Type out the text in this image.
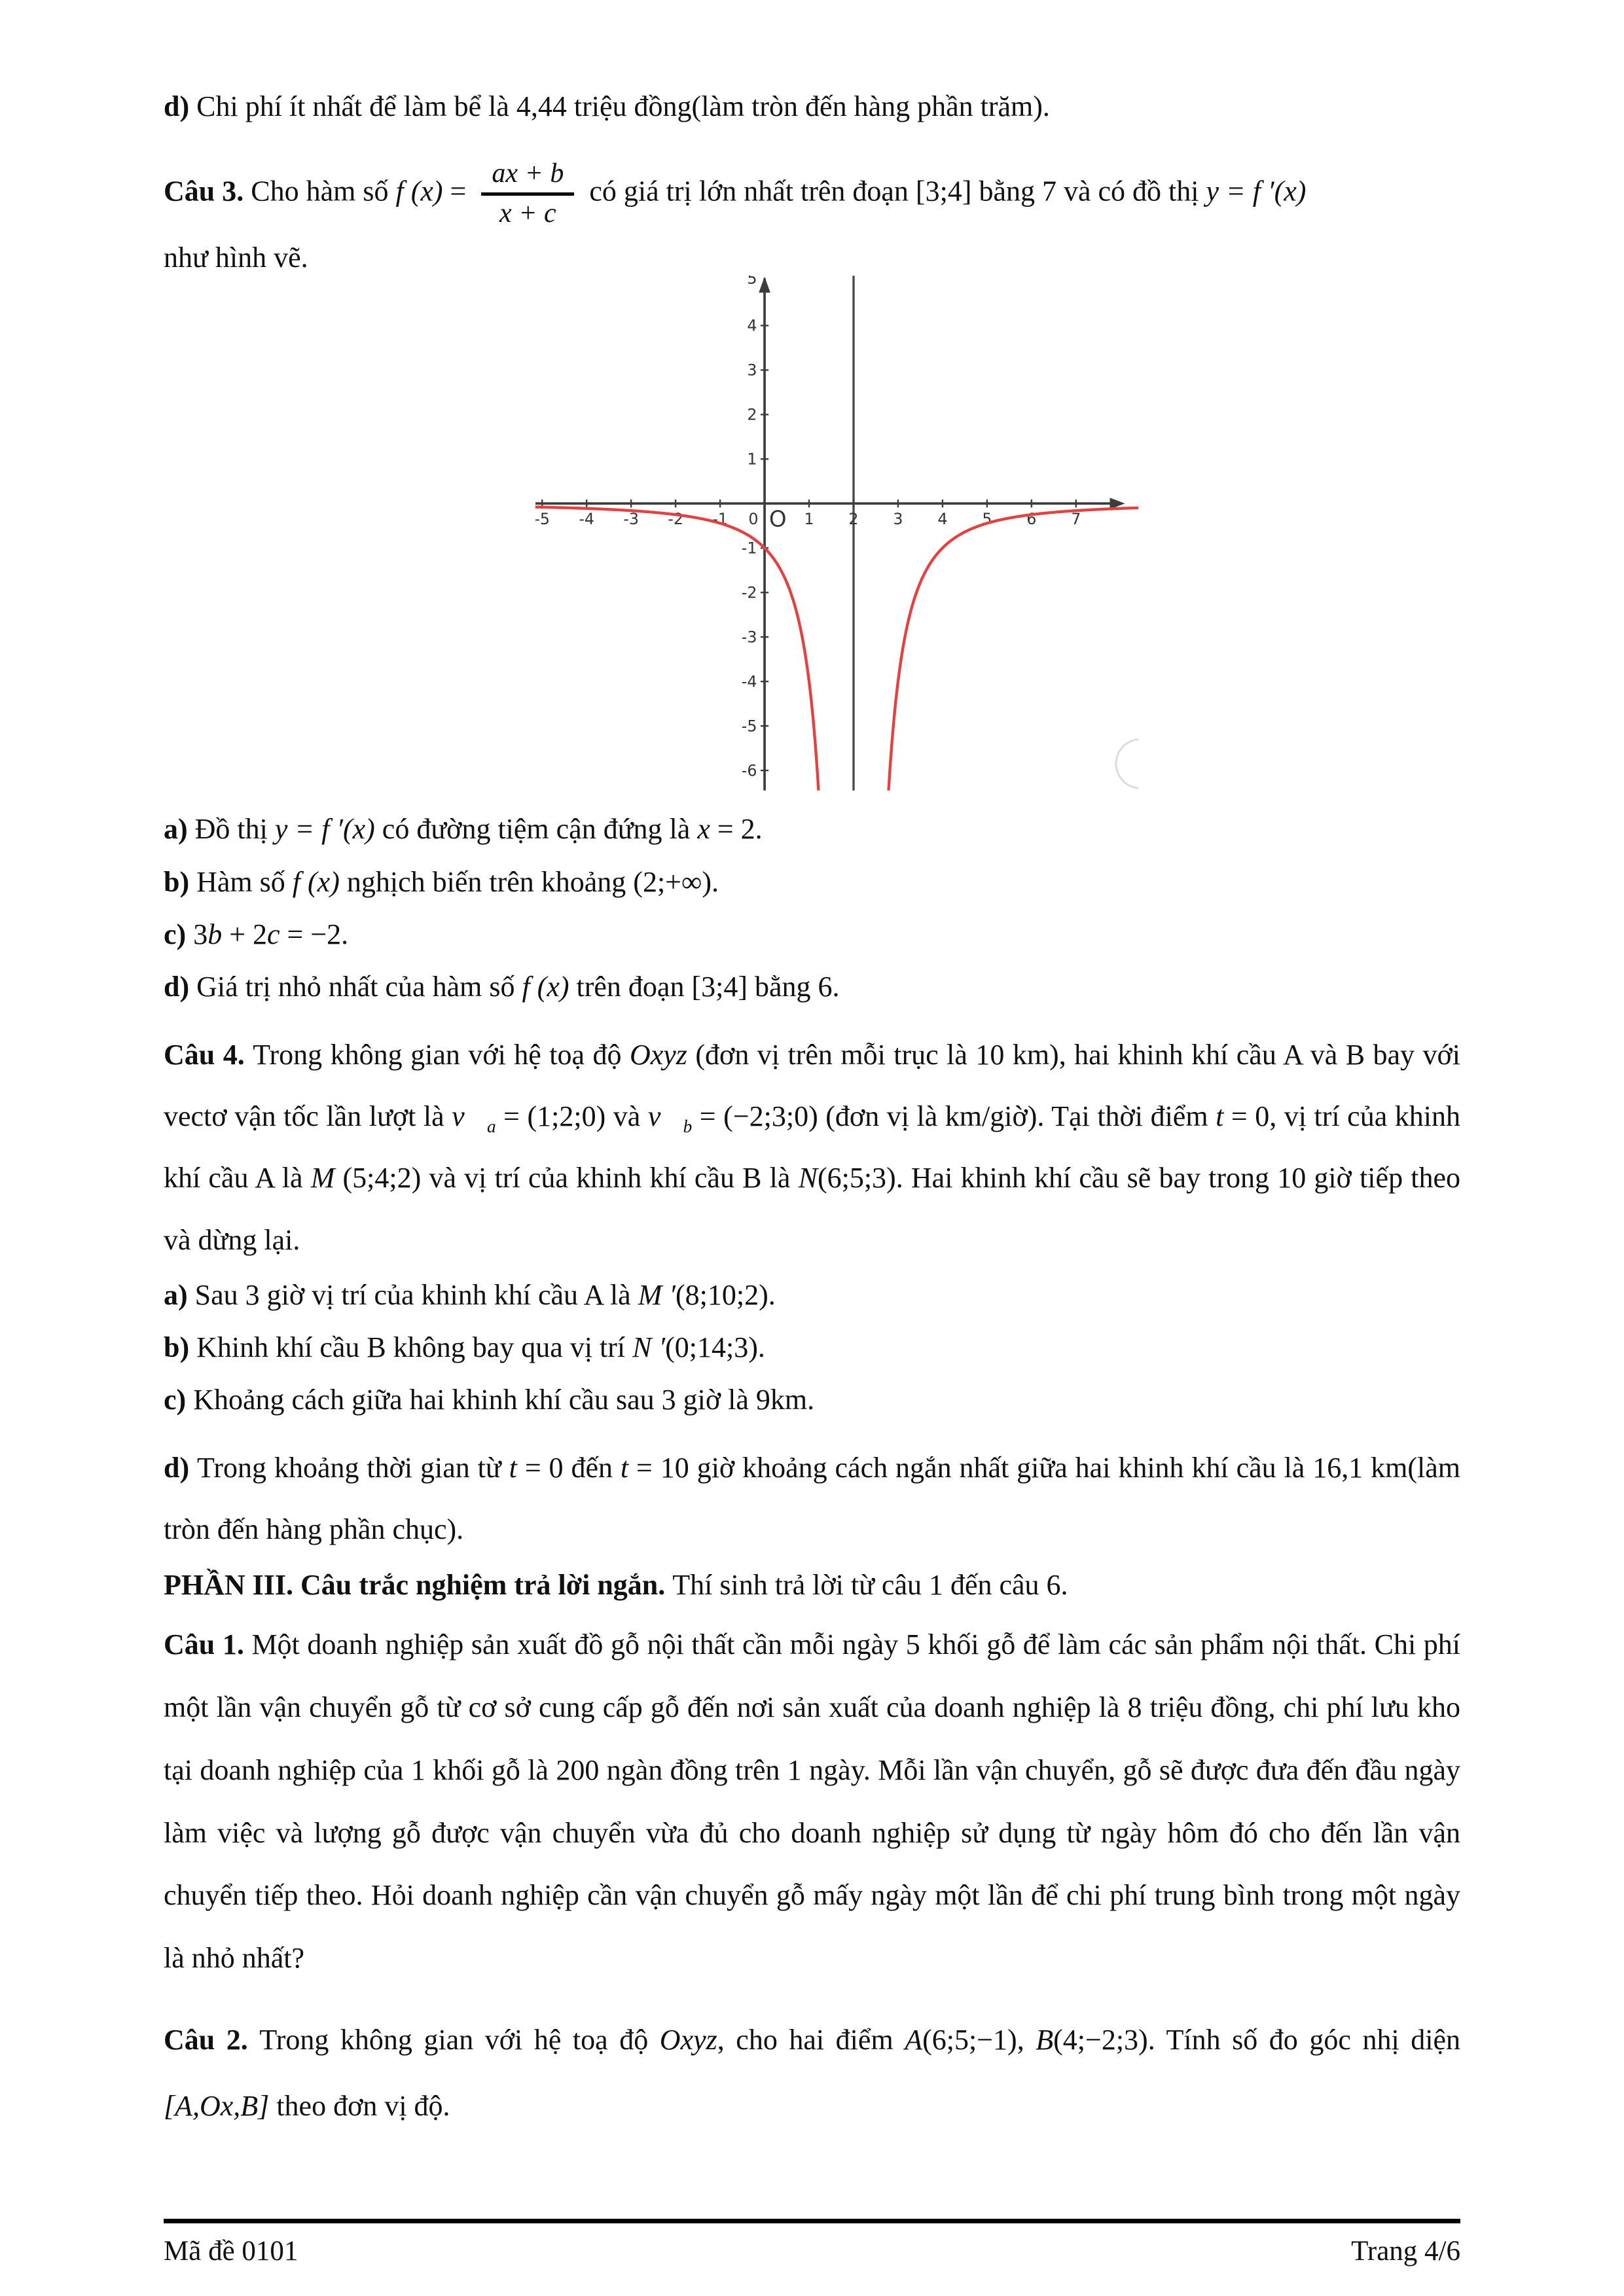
d) Chi phí ít nhất để làm bể là 4,44 triệu đồng(làm tròn đến hàng phần trăm).

Câu 3. Cho hàm số f $(x) = \frac{ax + b}{x + c}$ có giá trị lớn nhất trên đoạn [3;4] bằng 7 và có đồ thị y = f ′(x)

như hình vẽ.

a) Đồ thị y = f ′(x) có đường tiệm cận đứng là x = 2.

b) Hàm số f (x) nghịch biến trên khoảng (2;+∞).

c) 3b + 2c = −2.

d) Giá trị nhỏ nhất của hàm số f (x) trên đoạn [3;4] bằng 6.

Câu 4. Trong không gian với hệ toạ độ Oxyz (đơn vị trên mỗi trục là 10 km), hai khinh khí cầu A và B bay với vectơ vận tốc lần lượt là $v⃗_a$ = (1;2;0) và $v⃗_b$ = (−2;3;0) (đơn vị là km/giờ). Tại thời điểm t = 0, vị trí của khinh khí cầu A là M (5;4;2) và vị trí của khinh khí cầu B là N(6;5;3). Hai khinh khí cầu sẽ bay trong 10 giờ tiếp theo và dừng lại.

a) Sau 3 giờ vị trí của khinh khí cầu A là M ′(8;10;2).

b) Khinh khí cầu B không bay qua vị trí N ′(0;14;3).

c) Khoảng cách giữa hai khinh khí cầu sau 3 giờ là 9km.

d) Trong khoảng thời gian từ t = 0 đến t = 10 giờ khoảng cách ngắn nhất giữa hai khinh khí cầu là 16,1 km(làm tròn đến hàng phần chục).

PHẦN III. Câu trắc nghiệm trả lời ngắn. Thí sinh trả lời từ câu 1 đến câu 6.

Câu 1. Một doanh nghiệp sản xuất đồ gỗ nội thất cần mỗi ngày 5 khối gỗ để làm các sản phẩm nội thất. Chi phí một lần vận chuyển gỗ từ cơ sở cung cấp gỗ đến nơi sản xuất của doanh nghiệp là 8 triệu đồng, chi phí lưu kho tại doanh nghiệp của 1 khối gỗ là 200 ngàn đồng trên 1 ngày. Mỗi lần vận chuyển, gỗ sẽ được đưa đến đầu ngày làm việc và lượng gỗ được vận chuyển vừa đủ cho doanh nghiệp sử dụng từ ngày hôm đó cho đến lần vận chuyển tiếp theo. Hỏi doanh nghiệp cần vận chuyển gỗ mấy ngày một lần để chi phí trung bình trong một ngày là nhỏ nhất?

Câu 2. Trong không gian với hệ toạ độ Oxyz, cho hai điểm A(6;5;−1), B(4;−2;3). Tính số đo góc nhị diện [A,Ox,B] theo đơn vị độ.

Mã đề 0101	Trang 4/6
